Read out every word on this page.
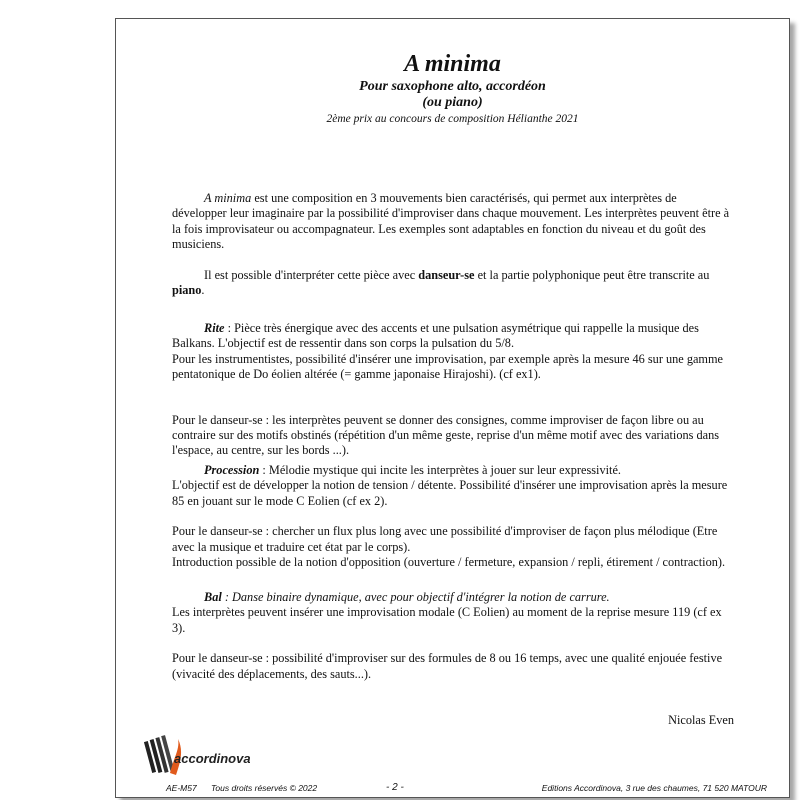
A minima
Pour saxophone alto, accordéon
(ou piano)
2ème prix au concours de composition Hélianthe 2021

A minima est une composition en 3 mouvements bien caractérisés, qui permet aux interprètes de développer leur imaginaire par la possibilité d'improviser dans chaque mouvement. Les interprètes peuvent être à la fois improvisateur ou accompagnateur. Les exemples sont adaptables en fonction du niveau et du goût des musiciens.

Il est possible d'interpréter cette pièce avec danseur-se et la partie polyphonique peut être transcrite au piano.

Rite : Pièce très énergique avec des accents et une pulsation asymétrique qui rappelle la musique des Balkans. L'objectif est de ressentir dans son corps la pulsation du 5/8.

Pour les instrumentistes, possibilité d'insérer une improvisation, par exemple après la mesure 46 sur une gamme pentatonique de Do éolien altérée (= gamme japonaise Hirajoshi). (cf ex1).

Pour le danseur-se : les interprètes peuvent se donner des consignes, comme improviser de façon libre ou au contraire sur des motifs obstinés (répétition d'un même geste, reprise d'un même motif avec des variations dans l'espace, au centre, sur les bords ...).

Procession : Mélodie mystique qui incite les interprètes à jouer sur leur expressivité.

L'objectif est de développer la notion de tension / détente. Possibilité d'insérer une improvisation après la mesure 85 en jouant sur le mode C Eolien (cf ex 2).

Pour le danseur-se : chercher un flux plus long avec une possibilité d'improviser de façon plus mélodique (Etre avec la musique et traduire cet état par le corps).

Introduction possible de la notion d'opposition (ouverture / fermeture, expansion / repli, étirement / contraction).

Bal : Danse binaire dynamique, avec pour objectif d'intégrer la notion de carrure.

Les interprètes peuvent insérer une improvisation modale (C Eolien) au moment de la reprise mesure 119 (cf ex 3).

Pour le danseur-se : possibilité d'improviser sur des formules de 8 ou 16 temps, avec une qualité enjouée festive (vivacité des déplacements, des sauts...).

Nicolas Even
accordinova
AE-M57 Tous droits réservés © 2022	- 2 -	Editions Accordinova, 3 rue des chaumes, 71 520 MATOUR
